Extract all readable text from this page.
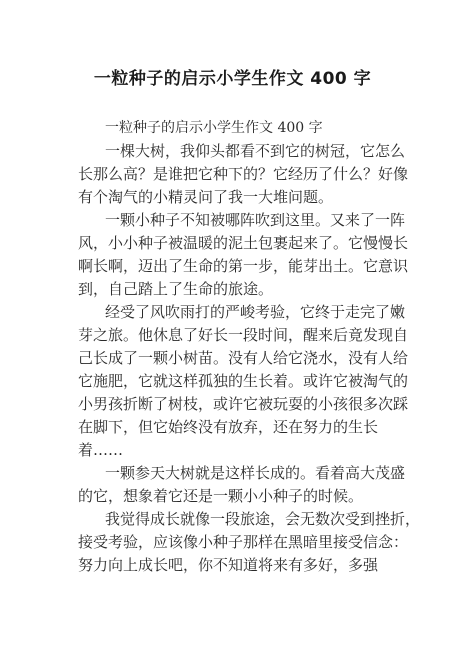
一粒种子的启示小学生作文 400 字
一粒种子的启示小学生作文 400 字
一棵大树，我仰头都看不到它的树冠，它怎么
长那么高？是谁把它种下的？它经历了什么？好像
有个淘气的小精灵问了我一大堆问题。
一颗小种子不知被哪阵吹到这里。又来了一阵
风，小小种子被温暖的泥土包裹起来了。它慢慢长
啊长啊，迈出了生命的第一步，能芽出土。它意识
到，自己踏上了生命的旅途。
经受了风吹雨打的严峻考验，它终于走完了嫩
芽之旅。他休息了好长一段时间，醒来后竟发现自
己长成了一颗小树苗。没有人给它浇水，没有人给
它施肥，它就这样孤独的生长着。或许它被淘气的
小男孩折断了树枝，或许它被玩耍的小孩很多次踩
在脚下，但它始终没有放弃，还在努力的生长
着……
一颗参天大树就是这样长成的。看着高大茂盛
的它，想象着它还是一颗小小种子的时候。
我觉得成长就像一段旅途，会无数次受到挫折，
接受考验，应该像小种子那样在黑暗里接受信念：
努力向上成长吧，你不知道将来有多好，多强
